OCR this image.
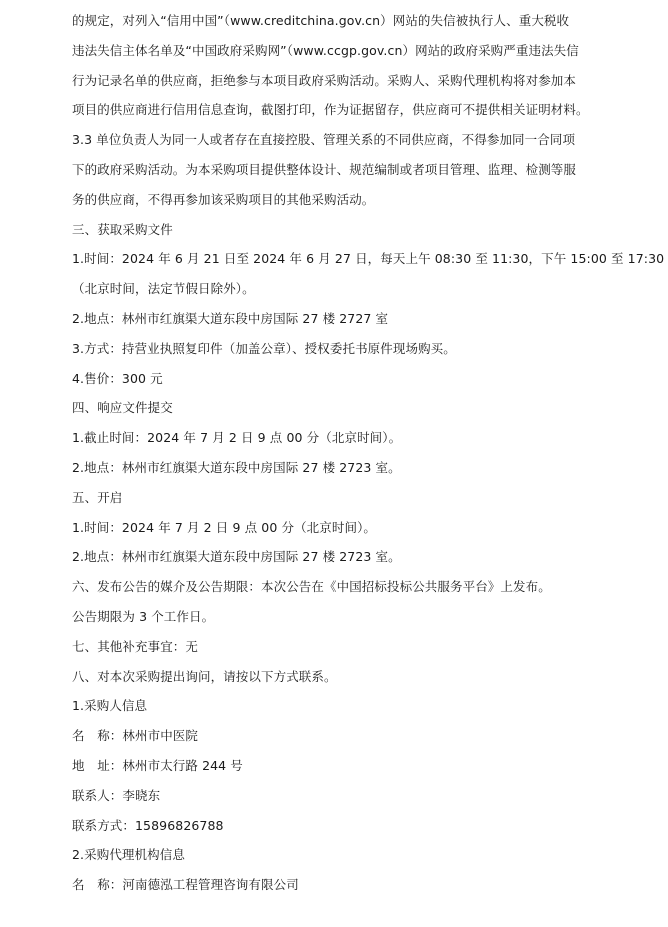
的规定，对列入“信用中国”（www.creditchina.gov.cn）网站的失信被执行人、重大税收
违法失信主体名单及“中国政府采购网”（www.ccgp.gov.cn）网站的政府采购严重违法失信
行为记录名单的供应商，拒绝参与本项目政府采购活动。采购人、采购代理机构将对参加本
项目的供应商进行信用信息查询，截图打印，作为证据留存，供应商可不提供相关证明材料。
3.3 单位负责人为同一人或者存在直接控股、管理关系的不同供应商，不得参加同一合同项
下的政府采购活动。为本采购项目提供整体设计、规范编制或者项目管理、监理、检测等服
务的供应商，不得再参加该采购项目的其他采购活动。
三、获取采购文件
1.时间：2024 年 6 月 21 日至 2024 年 6 月 27 日，每天上午 08:30 至 11:30，下午 15:00 至 17:30
（北京时间，法定节假日除外）。
2.地点：林州市红旗渠大道东段中房国际 27 楼 2727 室
3.方式：持营业执照复印件（加盖公章）、授权委托书原件现场购买。
4.售价：300 元
四、响应文件提交
1.截止时间：2024 年 7 月 2 日 9 点 00 分（北京时间）。
2.地点：林州市红旗渠大道东段中房国际 27 楼 2723 室。
五、开启
1.时间：2024 年 7 月 2 日 9 点 00 分（北京时间）。
2.地点：林州市红旗渠大道东段中房国际 27 楼 2723 室。
六、发布公告的媒介及公告期限：本次公告在《中国招标投标公共服务平台》上发布。
公告期限为 3 个工作日。
七、其他补充事宜：无
八、对本次采购提出询问，请按以下方式联系。
1.采购人信息
名　称：林州市中医院
地　址：林州市太行路 244 号
联系人：李晓东
联系方式：15896826788
2.采购代理机构信息
名　称：河南德泓工程管理咨询有限公司
